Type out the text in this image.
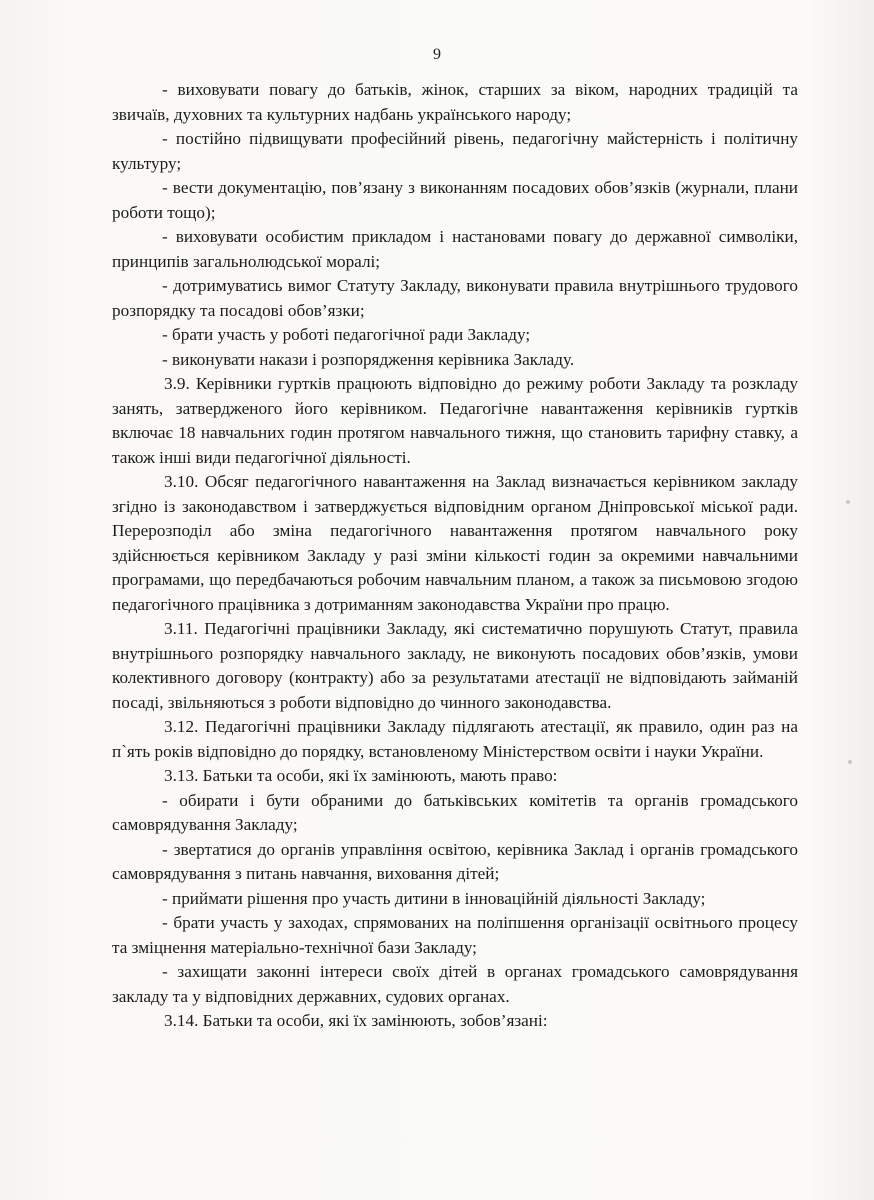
9

- виховувати повагу до батьків, жінок, старших за віком, народних традицій та звичаїв, духовних та культурних надбань українського народу;

- постійно підвищувати професійний рівень, педагогічну майстерність і політичну культуру;

- вести документацію, пов’язану з виконанням посадових обов’язків (журнали, плани роботи тощо);

- виховувати особистим прикладом і настановами повагу до державної символіки, принципів загальнолюдської моралі;

- дотримуватись вимог Статуту Закладу, виконувати правила внутрішнього трудового розпорядку та посадові обов’язки;

- брати участь у роботі педагогічної ради Закладу;

- виконувати накази і розпорядження керівника Закладу.

3.9. Керівники гуртків працюють відповідно до режиму роботи Закладу та розкладу занять, затвердженого його керівником. Педагогічне навантаження керівників гуртків включає 18 навчальних годин протягом навчального тижня, що становить тарифну ставку, а також інші види педагогічної діяльності.

3.10. Обсяг педагогічного навантаження на Заклад визначається керівником закладу згідно із законодавством і затверджується відповідним органом Дніпровської міської ради. Перерозподіл або зміна педагогічного навантаження протягом навчального року здійснюється керівником Закладу у разі зміни кількості годин за окремими навчальними програмами, що передбачаються робочим навчальним планом, а також за письмовою згодою педагогічного працівника з дотриманням законодавства України про працю.

3.11. Педагогічні працівники Закладу, які систематично порушують Статут, правила внутрішнього розпорядку навчального закладу, не виконують посадових обов’язків, умови колективного договору (контракту) або за результатами атестації не відповідають займаній посаді, звільняються з роботи відповідно до чинного законодавства.

3.12. Педагогічні працівники Закладу підлягають атестації, як правило, один раз на п`ять років відповідно до порядку, встановленому Міністерством освіти і науки України.

3.13. Батьки та особи, які їх замінюють, мають право:

- обирати і бути обраними до батьківських комітетів та органів громадського самоврядування Закладу;

- звертатися до органів управління освітою, керівника Заклад і органів громадського самоврядування з питань навчання, виховання дітей;

- приймати рішення про участь дитини в інноваційній діяльності Закладу;

- брати участь у заходах, спрямованих на поліпшення організації освітнього процесу та зміцнення матеріально-технічної бази Закладу;

- захищати законні інтереси своїх дітей в органах громадського самоврядування закладу та у відповідних державних, судових органах.

3.14. Батьки та особи, які їх замінюють, зобов’язані:
